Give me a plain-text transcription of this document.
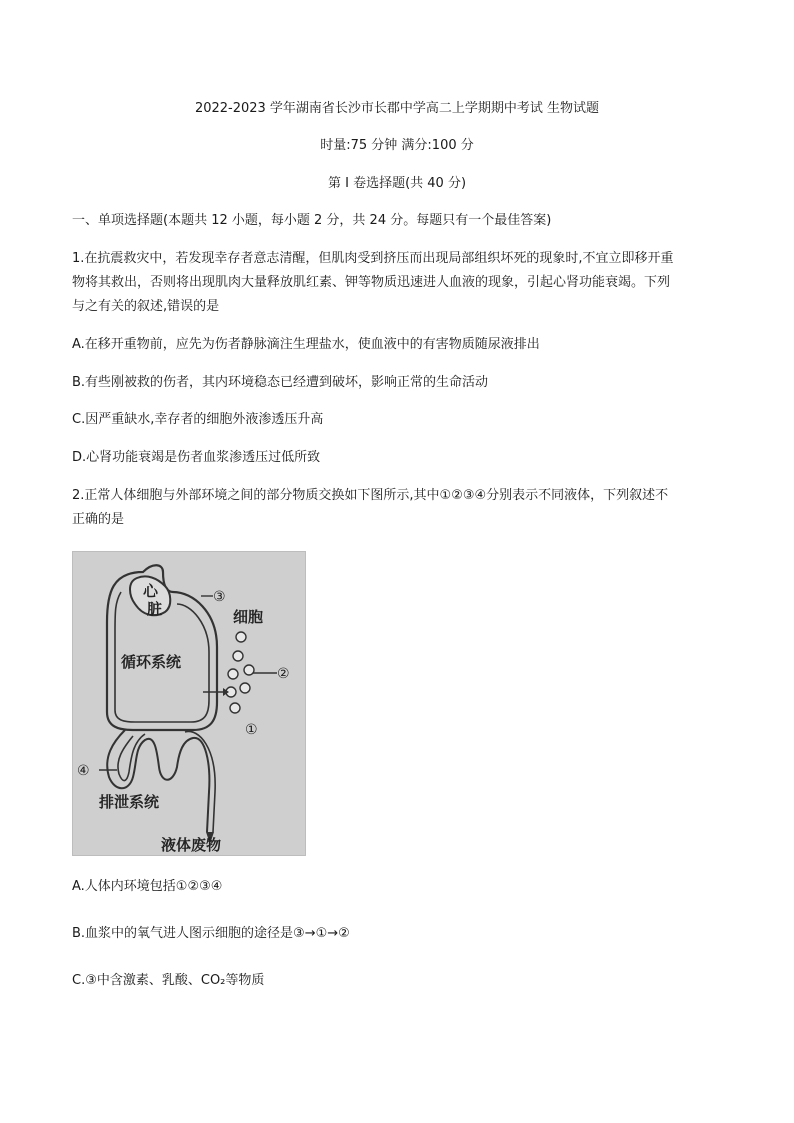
2022-2023 学年湖南省长沙市长郡中学高二上学期期中考试 生物试题
时量:75 分钟 满分:100 分
第 I 卷选择题(共 40 分)
一、单项选择题(本题共 12 小题，每小题 2 分，共 24 分。每题只有一个最佳答案)
1.在抗震救灾中，若发现幸存者意志清醒，但肌肉受到挤压而出现局部组织坏死的现象时,不宜立即移开重
物将其救出，否则将出现肌肉大量释放肌红素、钾等物质迅速进人血液的现象，引起心肾功能衰竭。下列
与之有关的叙述,错误的是
A.在移开重物前，应先为伤者静脉滴注生理盐水，使血液中的有害物质随尿液排出
B.有些刚被救的伤者，其内环境稳态已经遭到破坏，影响正常的生命活动
C.因严重缺水,幸存者的细胞外液渗透压升高
D.心肾功能衰竭是伤者血浆渗透压过低所致
2.正常人体细胞与外部环境之间的部分物质交换如下图所示,其中①②③④分别表示不同液体，下列叙述不
正确的是
心
脏
③
循环系统
细胞
②
①
④
排泄系统
液体废物
A.人体内环境包括①②③④
B.血浆中的氧气进人图示细胞的途径是③→①→②
C.③中含激素、乳酸、CO₂等物质
